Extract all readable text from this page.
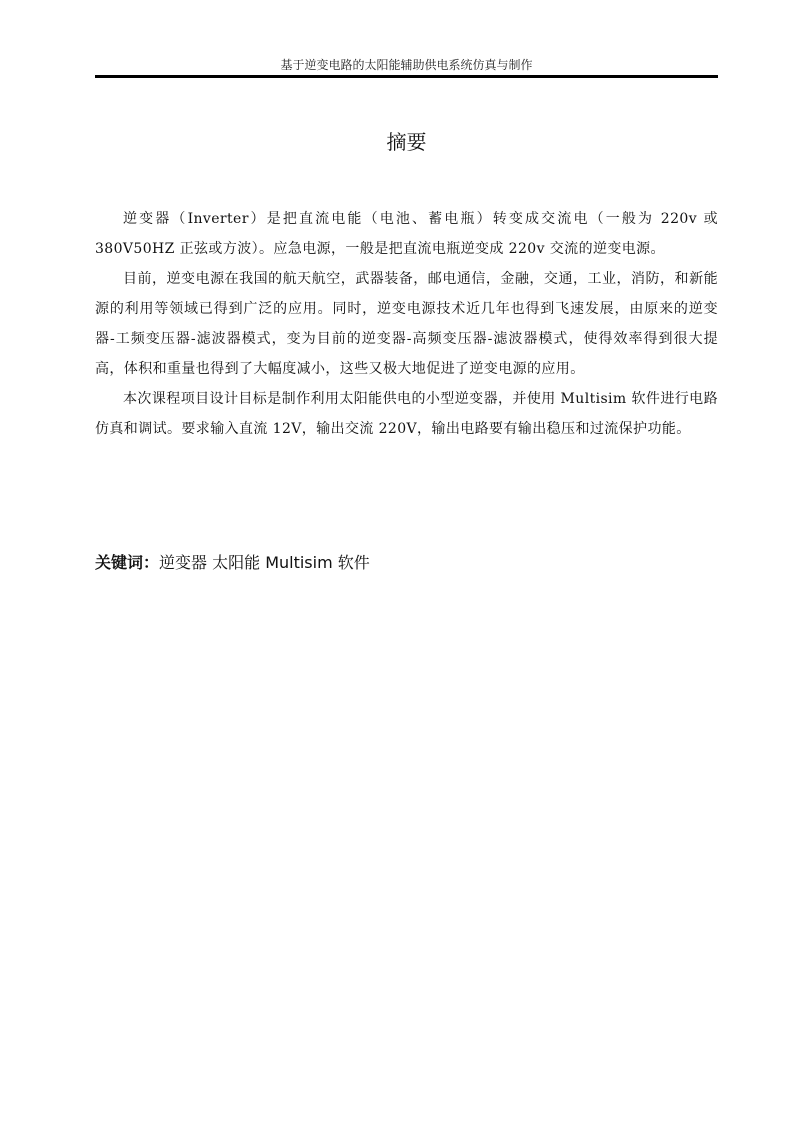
基于逆变电路的太阳能辅助供电系统仿真与制作
摘要

逆变器（Inverter）是把直流电能（电池、蓄电瓶）转变成交流电（一般为 220v 或 380V50HZ 正弦或方波）。应急电源，一般是把直流电瓶逆变成 220v 交流的逆变电源。

目前，逆变电源在我国的航天航空，武器装备，邮电通信，金融，交通，工业，消防，和新能源的利用等领域已得到广泛的应用。同时，逆变电源技术近几年也得到飞速发展，由原来的逆变器-工频变压器-滤波器模式，变为目前的逆变器-高频变压器-滤波器模式，使得效率得到很大提高，体积和重量也得到了大幅度减小，这些又极大地促进了逆变电源的应用。

本次课程项目设计目标是制作利用太阳能供电的小型逆变器，并使用 Multisim 软件进行电路仿真和调试。要求输入直流 12V，输出交流 220V，输出电路要有输出稳压和过流保护功能。

关键词：逆变器 太阳能 Multisim 软件
